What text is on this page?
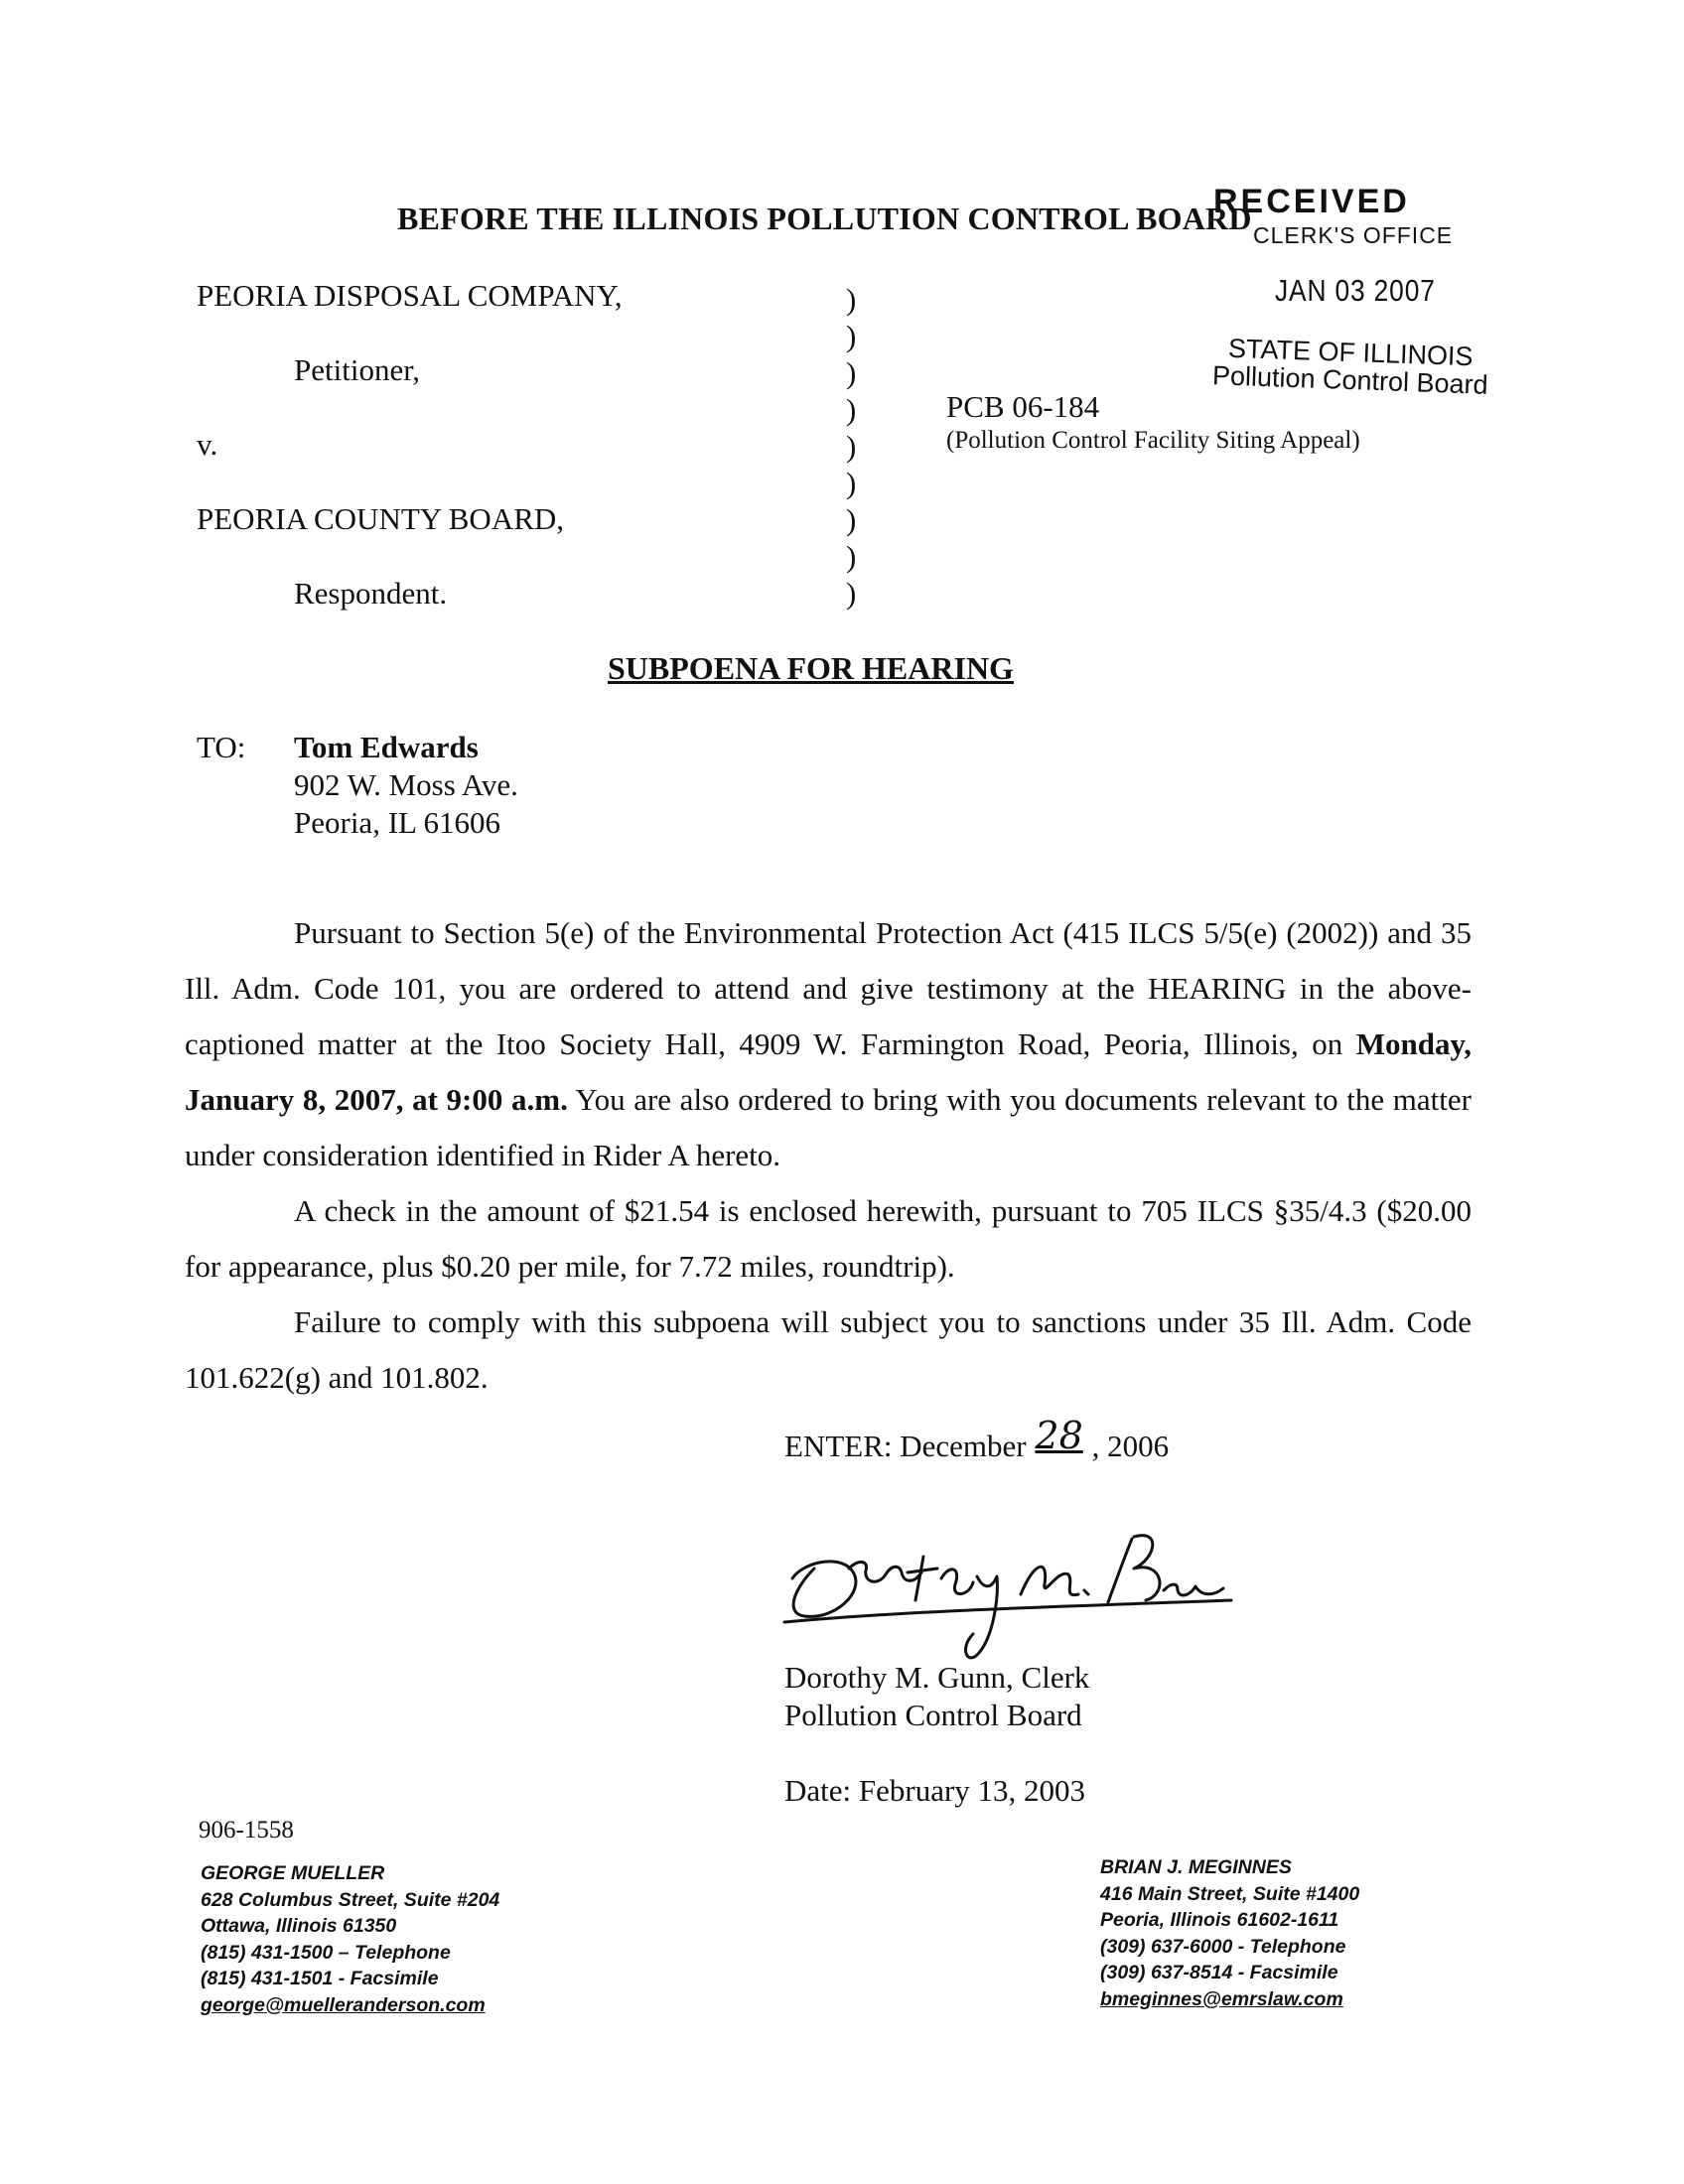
BEFORE THE ILLINOIS POLLUTION CONTROL BOARD
RECEIVED
CLERK'S OFFICE
JAN 03 2007
STATE OF ILLINOIS
Pollution Control Board
PEORIA DISPOSAL COMPANY,
Petitioner,
v.
PEORIA COUNTY BOARD,
Respondent.
)
)
)
)
)
)
)
)
)
PCB 06-184
(Pollution Control Facility Siting Appeal)
SUBPOENA FOR HEARING
TO: Tom Edwards
902 W. Moss Ave.
Peoria, IL 61606
Pursuant to Section 5(e) of the Environmental Protection Act (415 ILCS 5/5(e) (2002)) and 35 Ill. Adm. Code 101, you are ordered to attend and give testimony at the HEARING in the above-captioned matter at the Itoo Society Hall, 4909 W. Farmington Road, Peoria, Illinois, on Monday, January 8, 2007, at 9:00 a.m. You are also ordered to bring with you documents relevant to the matter under consideration identified in Rider A hereto.
A check in the amount of $21.54 is enclosed herewith, pursuant to 705 ILCS §35/4.3 ($20.00 for appearance, plus $0.20 per mile, for 7.72 miles, roundtrip).
Failure to comply with this subpoena will subject you to sanctions under 35 Ill. Adm. Code 101.622(g) and 101.802.
ENTER: December 28 , 2006
Dorothy M. Gunn, Clerk
Pollution Control Board
Date: February 13, 2003
906-1558
GEORGE MUELLER
628 Columbus Street, Suite #204
Ottawa, Illinois 61350
(815) 431-1500 – Telephone
(815) 431-1501 - Facsimile
george@muelleranderson.com
BRIAN J. MEGINNES
416 Main Street, Suite #1400
Peoria, Illinois 61602-1611
(309) 637-6000 - Telephone
(309) 637-8514 - Facsimile
bmeginnes@emrslaw.com
